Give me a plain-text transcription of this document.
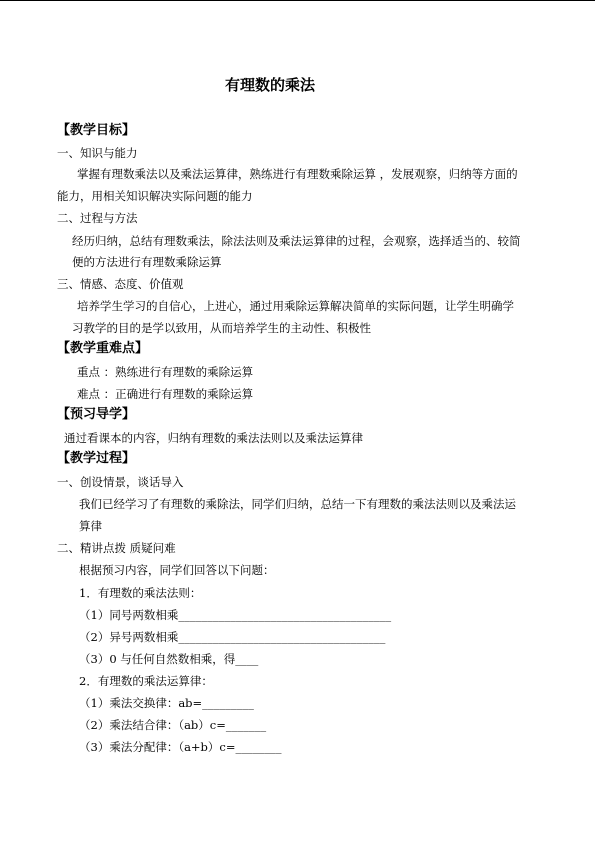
有理数的乘法
【教学目标】
一、知识与能力
掌握有理数乘法以及乘法运算律，熟练进行有理数乘除运算 ，发展观察，归纳等方面的
能力，用相关知识解决实际问题的能力
二、过程与方法
经历归纳，总结有理数乘法，除法法则及乘法运算律的过程，会观察，选择适当的、较简
便的方法进行有理数乘除运算
三、情感、态度、价值观
培养学生学习的自信心，上进心，通过用乘除运算解决简单的实际问题，让学生明确学
习教学的目的是学以致用，从而培养学生的主动性、积极性
【教学重难点】
重点 ：熟练进行有理数的乘除运算
难点 ：正确进行有理数的乘除运算
【预习导学】
通过看课本的内容，归纳有理数的乘法法则以及乘法运算律
【教学过程】
一、创设情景，谈话导入
我们已经学习了有理数的乘除法，同学们归纳，总结一下有理数的乘法法则以及乘法运
算律
二、精讲点拨 质疑问难
根据预习内容，同学们回答以下问题：
1．有理数的乘法法则：
（1）同号两数相乘_____________________________________
（2）异号两数相乘____________________________________
（3）0 与任何自然数相乘，得____
2．有理数的乘法运算律：
（1）乘法交换律：ab=_________
（2）乘法结合律：（ab）c=_______
（3）乘法分配律：（a+b）c=________
